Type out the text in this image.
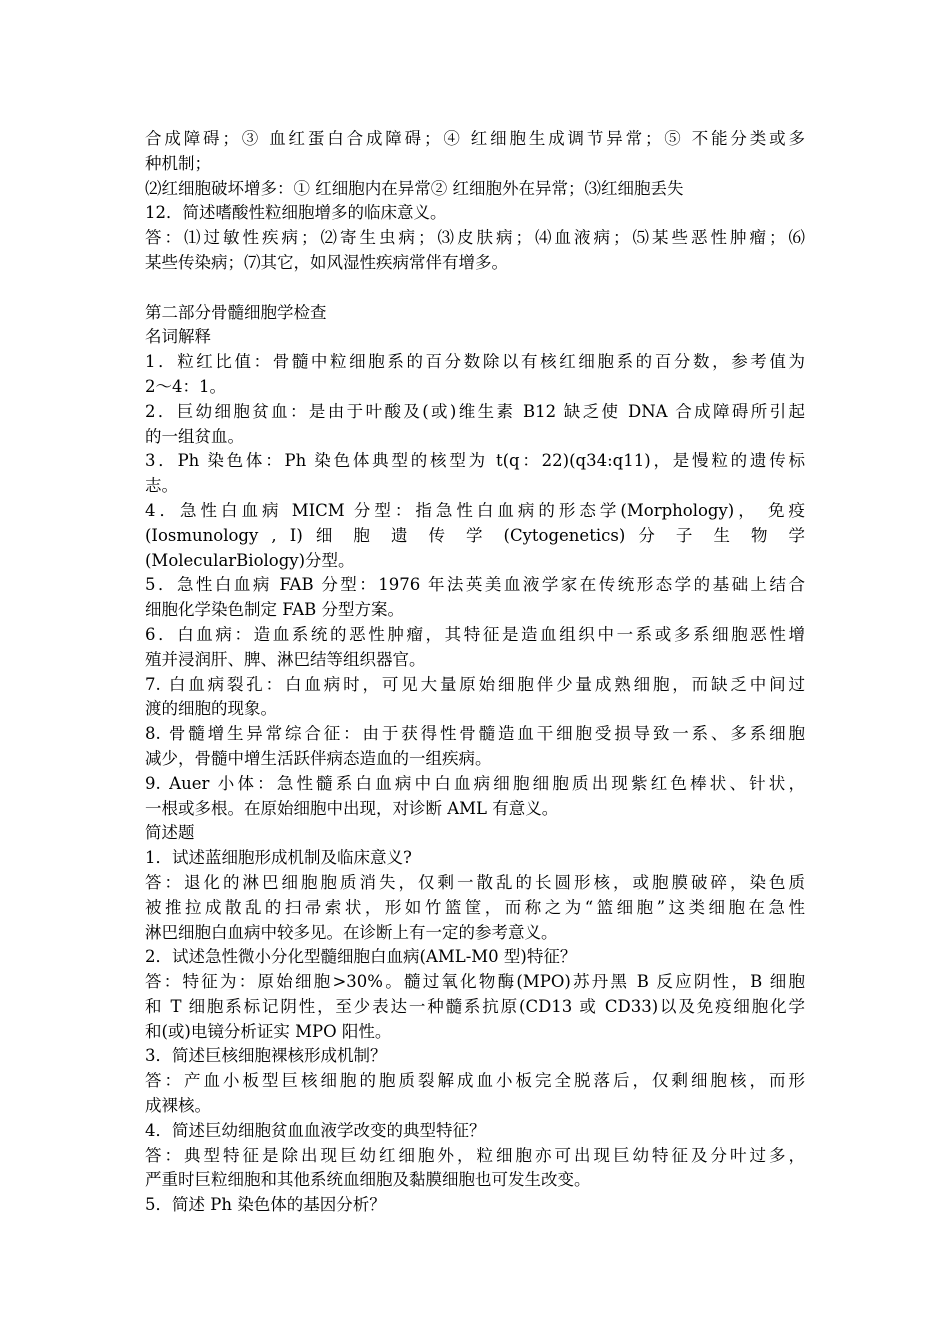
合成障碍；③ 血红蛋白合成障碍；④ 红细胞生成调节异常；⑤ 不能分类或多
种机制；
⑵红细胞破坏增多：① 红细胞内在异常② 红细胞外在异常；⑶红细胞丢失
12．简述嗜酸性粒细胞增多的临床意义。
答：⑴过敏性疾病；⑵寄生虫病；⑶皮肤病；⑷血液病；⑸某些恶性肿瘤；⑹
某些传染病；⑺其它，如风湿性疾病常伴有增多。
第二部分骨髓细胞学检查
名词解释
1．粒红比值：骨髓中粒细胞系的百分数除以有核红细胞系的百分数，参考值为
2～4：1。
2．巨幼细胞贫血：是由于叶酸及(或)维生素 B12 缺乏使 DNA 合成障碍所引起
的一组贫血。
3．Ph 染色体：Ph 染色体典型的核型为 t(q：22)(q34:q11)，是慢粒的遗传标
志。
4．急性白血病 MICM 分型：指急性白血病的形态学(Morphology)， 免疫
(Iosmunology , I) 细 胞 遗 传 学 (Cytogenetics) 分 子 生 物 学
(MolecularBiology)分型。
5．急性白血病 FAB 分型：1976 年法英美血液学家在传统形态学的基础上结合
细胞化学染色制定 FAB 分型方案。
6．白血病：造血系统的恶性肿瘤，其特征是造血组织中一系或多系细胞恶性增
殖并浸润肝、脾、淋巴结等组织器官。
7. 白血病裂孔：白血病时，可见大量原始细胞伴少量成熟细胞，而缺乏中间过
渡的细胞的现象。
8. 骨髓增生异常综合征：由于获得性骨髓造血干细胞受损导致一系、多系细胞
减少，骨髓中增生活跃伴病态造血的一组疾病。
9. Auer 小体：急性髓系白血病中白血病细胞细胞质出现紫红色棒状、针状，
一根或多根。在原始细胞中出现，对诊断 AML 有意义。
简述题
1．试述蓝细胞形成机制及临床意义?
答：退化的淋巴细胞胞质消失，仅剩一散乱的长圆形核，或胞膜破碎，染色质
被推拉成散乱的扫帚索状，形如竹篮筐，而称之为“篮细胞”这类细胞在急性
淋巴细胞白血病中较多见。在诊断上有一定的参考意义。
2．试述急性微小分化型髓细胞白血病(AML-M0 型)特征？
答：特征为：原始细胞>30%。髓过氧化物酶(MPO)苏丹黑 B 反应阴性，B 细胞
和 T 细胞系标记阴性，至少表达一种髓系抗原(CD13 或 CD33)以及免疫细胞化学
和(或)电镜分析证实 MPO 阳性。
3．简述巨核细胞裸核形成机制？
答：产血小板型巨核细胞的胞质裂解成血小板完全脱落后，仅剩细胞核，而形
成裸核。
4．简述巨幼细胞贫血血液学改变的典型特征？
答：典型特征是除出现巨幼红细胞外，粒细胞亦可出现巨幼特征及分叶过多，
严重时巨粒细胞和其他系统血细胞及黏膜细胞也可发生改变。
5．简述 Ph 染色体的基因分析？
